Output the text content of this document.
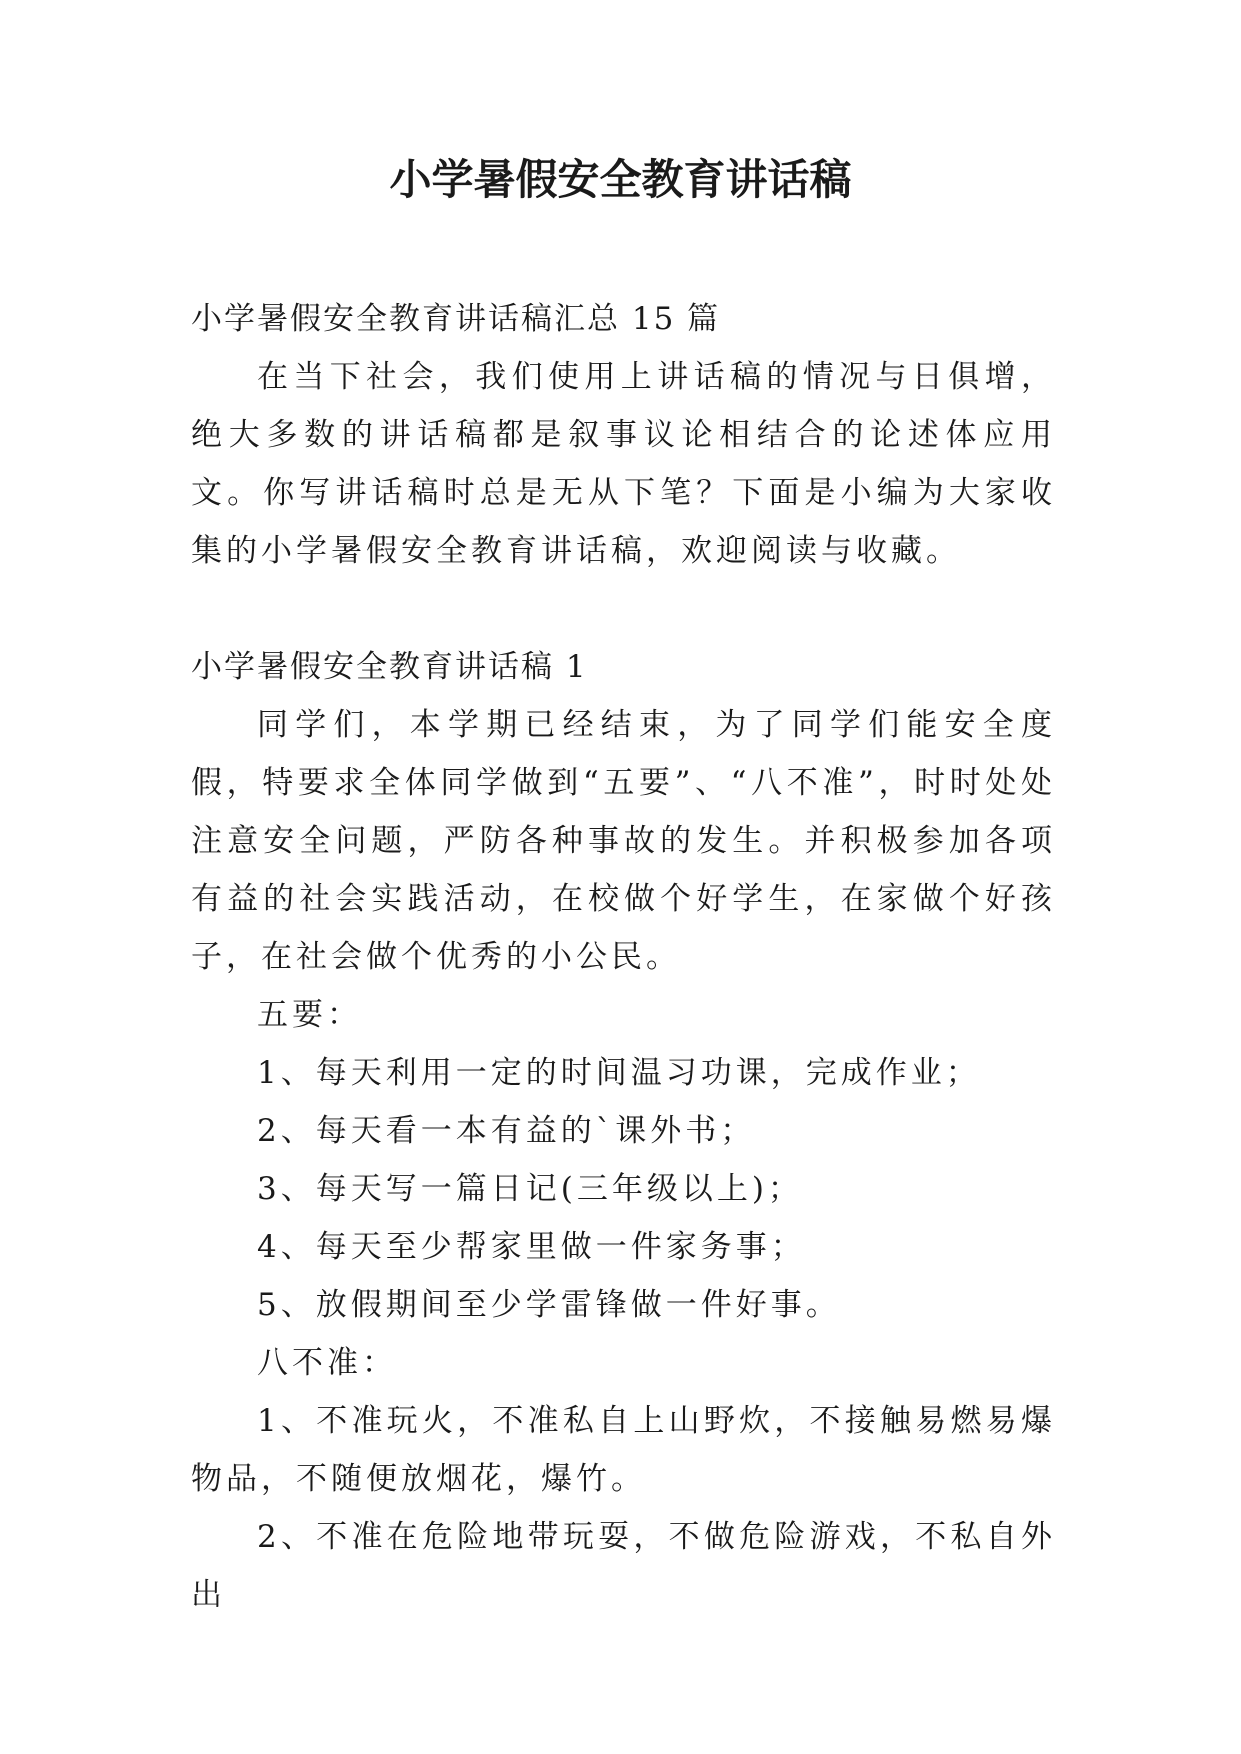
小学暑假安全教育讲话稿

小学暑假安全教育讲话稿汇总 15 篇

在当下社会，我们使用上讲话稿的情况与日俱增，绝大多数的讲话稿都是叙事议论相结合的论述体应用文。你写讲话稿时总是无从下笔？下面是小编为大家收集的小学暑假安全教育讲话稿，欢迎阅读与收藏。

小学暑假安全教育讲话稿 1

同学们，本学期已经结束，为了同学们能安全度假，特要求全体同学做到“五要”、“八不准”，时时处处注意安全问题，严防各种事故的发生。并积极参加各项有益的社会实践活动，在校做个好学生，在家做个好孩子，在社会做个优秀的小公民。

五要：

1、每天利用一定的时间温习功课，完成作业；

2、每天看一本有益的`课外书；

3、每天写一篇日记(三年级以上)；

4、每天至少帮家里做一件家务事；

5、放假期间至少学雷锋做一件好事。

八不准：

1、不准玩火，不准私自上山野炊，不接触易燃易爆物品，不随便放烟花，爆竹。

2、不准在危险地带玩耍，不做危险游戏，不私自外出
